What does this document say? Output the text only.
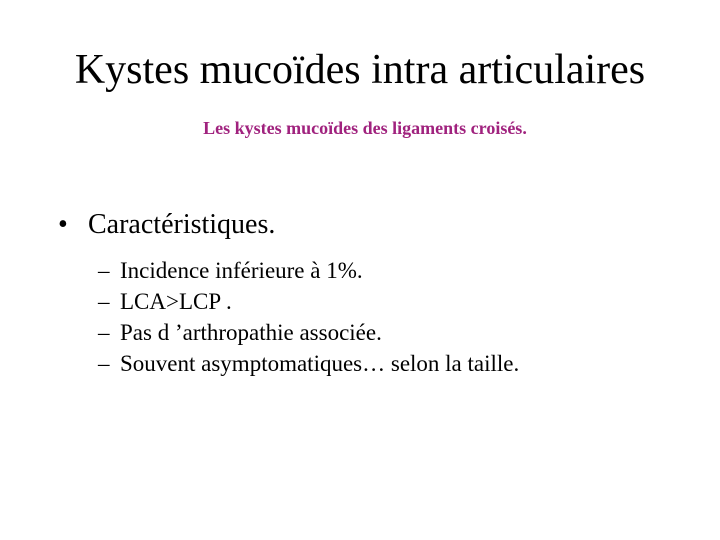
Kystes mucoïdes intra articulaires
Les kystes mucoïdes des ligaments croisés.
• Caractéristiques.
– Incidence inférieure à 1%.
– LCA>LCP .
– Pas d ’arthropathie associée.
– Souvent asymptomatiques… selon la taille.
